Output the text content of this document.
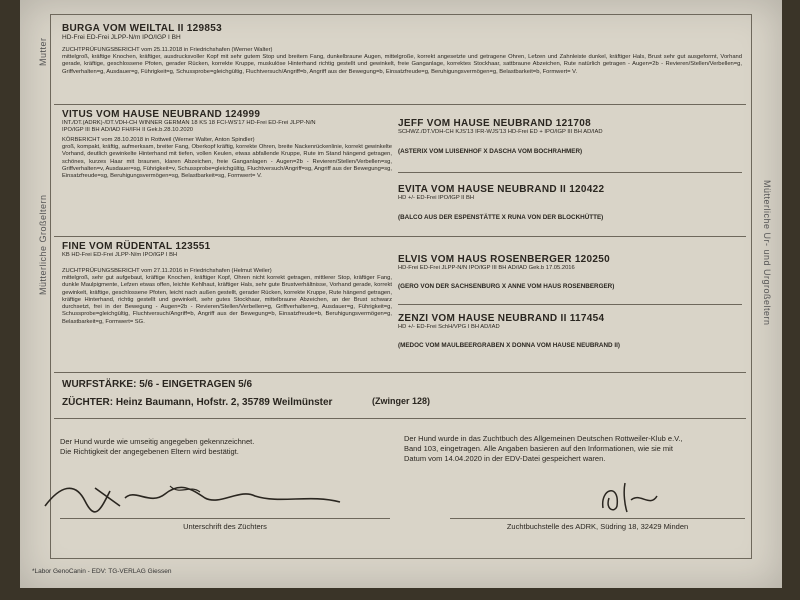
Mutter
Mütterliche Großeltern	Mütterliche Ur- und Urgroßeltern
BURGA VOM WEILTAL II 129853
HD-Frei ED-Frei JLPP-N/m IPO/IGP I BH
ZUCHTPRÜFUNGSBERICHT vom 25.11.2018 in Friedrichshafen (Werner Walter)
mittelgroß, kräftige Knochen, kräftiger, ausdrucksvoller Kopf mit sehr gutem Stop und breitem Fang, dunkelbraune Augen, mittelgroße, korrekt angesetzte und getragene Ohren, Lefzen und Zahnleiste dunkel, kräftiger Hals, Brust sehr gut ausgeformt, Vorhand gerade, kräftige, geschlossene Pfoten, gerader Rücken, korrekte Kruppe, muskulöse Hinterhand richtig gestellt und gewinkelt, freie Ganganlage, korrektes Stockhaar, sattbraune Abzeichen, Rute natürlich getragen - Augen=2b - Revieren/Stellen/Verbellen=g, Griffverhalten=g, Ausdauer=g, Führigkeit=g, Schussprobe=gleichgültig, Fluchtversuch/Angriff=b, Angriff aus der Bewegung=b, Einsatzfreude=g, Beruhigungsvermögen=g, Belastbarkeit=b, Formwert= V.
VITUS VOM HAUSE NEUBRAND 124999
INT./DT.(ADRK)-/DT.VDH-CH WINNER GERMAN 18 KS 18 FCI-WS'17 HD-Frei ED-Frei JLPP-N/N
IPO/IGP III BH AD/IAD FH/IFH II Gek.b.28.10.2020
KÖRBERICHT vom 28.10.2018 in Rottweil (Werner Walter, Anton Spindler)
groß, kompakt, kräftig, aufmerksam, breiter Fang, Oberkopf kräftig, korrekte Ohren, breite Nackenrückenlinie, korrekt gewinkelte Vorhand, deutlich gewinkelte Hinterhand mit tiefen, vollen Keulen, etwas abfallende Kruppe, Rute im Stand hängend getragen, schönes, kurzes Haar mit braunen, klaren Abzeichen, freie Ganganlagen - Augen=2b - Revieren/Stellen/Verbellen=sg, Griffverhalten=v, Ausdauer=sg, Führigkeit=v, Schussprobe=gleichgültig, Fluchtversuch/Angriff=sg, Angriff aus der Bewegung=sg, Einsatzfreude=sg, Beruhigungsvermögen=sg, Belastbarkeit=sg, Formwert= V.
JEFF VOM HAUSE NEUBRAND 121708
SCHWZ./DT.VDH-CH KJS'13 IFR-WJS'13 HD-Frei ED + IPO/IGP III BH AD/IAD
(ASTERIX VOM LUISENHOF X DASCHA VOM BOCHRAHMER)
EVITA VOM HAUSE NEUBRAND II 120422
HD +/- ED-Frei IPO/IGP II BH
(BALCO AUS DER ESPENSTÄTTE X RUNA VON DER BLOCKHÜTTE)
FINE VOM RÜDENTAL 123551
KB HD-Frei ED-Frei JLPP-N/m IPO/IGP I BH
ZUCHTPRÜFUNGSBERICHT vom 27.11.2016 in Friedrichshafen (Helmut Weiler)
mittelgroß, sehr gut aufgebaut, kräftige Knochen, kräftiger Kopf, Ohren nicht korrekt getragen, mittlerer Stop, kräftiger Fang, dunkle Maulpigmente, Lefzen etwas offen, leichte Kehlhaut, kräftiger Hals, sehr gute Brustverhältnisse, Vorhand gerade, korrekt gewinkelt, kräftige, geschlossene Pfoten, leicht nach außen gestellt, gerader Rücken, korrekte Kruppe, Rute hängend getragen, kräftige Hinterhand, richtig gestellt und gewinkelt, sehr gutes Stockhaar, mittelbraune Abzeichen, an der Brust schwarz durchsetzt, frei in der Bewegung - Augen=2b - Revieren/Stellen/Verbellen=g, Griffverhalten=g, Ausdauer=g, Führigkeit=g, Schussprobe=gleichgültig, Fluchtversuch/Angriff=b, Angriff aus der Bewegung=b, Einsatzfreude=b, Beruhigungsvermögen=g, Belastbarkeit=g, Formwert= SG.
ELVIS VOM HAUS ROSENBERGER 120250
HD-Frei ED-Frei JLPP-N/N IPO/IGP III BH AD/IAD Gek.b 17.05.2016
(GERO VON DER SACHSENBURG X ANNE VOM HAUS ROSENBERGER)
ZENZI VOM HAUSE NEUBRAND II 117454
HD +/- ED-Frei SchH/VPG I BH AD/IAD
(MEDOC VOM MAULBEERGRABEN X DONNA VOM HAUSE NEUBRAND II)
WURFSTÄRKE: 5/6 - EINGETRAGEN 5/6
ZÜCHTER: Heinz Baumann, Hofstr. 2, 35789 Weilmünster	(Zwinger 128)
Der Hund wurde wie umseitig angegeben gekennzeichnet.
Die Richtigkeit der angegebenen Eltern wird bestätigt.
Der Hund wurde in das Zuchtbuch des Allgemeinen Deutschen Rottweiler-Klub e.V.,
Band 103, eingetragen. Alle Angaben basieren auf den Informationen, wie sie mit
Datum vom 14.04.2020 in der EDV-Datei gespeichert waren.
Unterschrift des Züchters	Zuchtbuchstelle des ADRK, Südring 18, 32429 Minden
*Labor GenoCanin - EDV: TG-VERLAG Giessen
